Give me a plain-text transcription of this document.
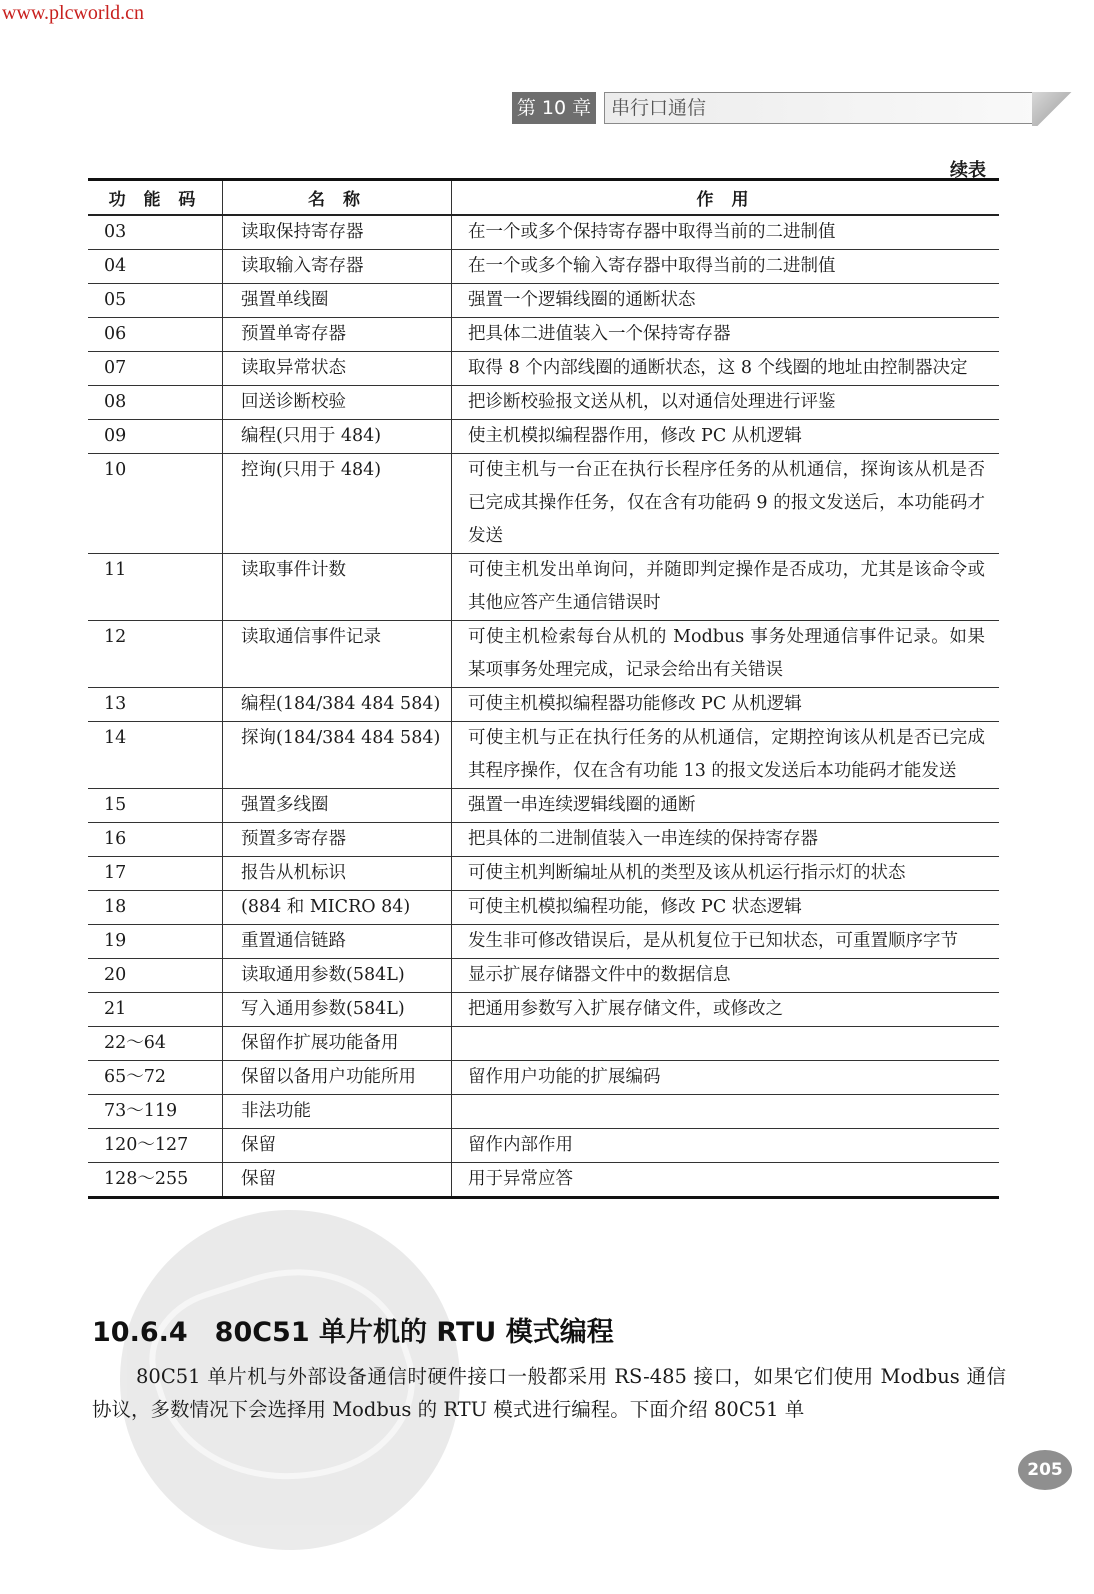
www.plcworld.cn
第 10 章	串行口通信
续表
功 能 码	名 称	作 用
03	读取保持寄存器	在一个或多个保持寄存器中取得当前的二进制值
04	读取输入寄存器	在一个或多个输入寄存器中取得当前的二进制值
05	强置单线圈	强置一个逻辑线圈的通断状态
06	预置单寄存器	把具体二进值装入一个保持寄存器
07	读取异常状态	取得 8 个内部线圈的通断状态，这 8 个线圈的地址由控制器决定
08	回送诊断校验	把诊断校验报文送从机，以对通信处理进行评鉴
09	编程(只用于 484)	使主机模拟编程器作用，修改 PC 从机逻辑
10	控询(只用于 484)	可使主机与一台正在执行长程序任务的从机通信，探询该从机是否已完成其操作任务，仅在含有功能码 9 的报文发送后，本功能码才发送
11	读取事件计数	可使主机发出单询问，并随即判定操作是否成功，尤其是该命令或其他应答产生通信错误时
12	读取通信事件记录	可使主机检索每台从机的 Modbus 事务处理通信事件记录。如果某项事务处理完成，记录会给出有关错误
13	编程(184/384 484 584)	可使主机模拟编程器功能修改 PC 从机逻辑
14	探询(184/384 484 584)	可使主机与正在执行任务的从机通信，定期控询该从机是否已完成其程序操作，仅在含有功能 13 的报文发送后本功能码才能发送
15	强置多线圈	强置一串连续逻辑线圈的通断
16	预置多寄存器	把具体的二进制值装入一串连续的保持寄存器
17	报告从机标识	可使主机判断编址从机的类型及该从机运行指示灯的状态
18	(884 和 MICRO 84)	可使主机模拟编程功能，修改 PC 状态逻辑
19	重置通信链路	发生非可修改错误后，是从机复位于已知状态，可重置顺序字节
20	读取通用参数(584L)	显示扩展存储器文件中的数据信息
21	写入通用参数(584L)	把通用参数写入扩展存储文件，或修改之
22～64	保留作扩展功能备用	
65～72	保留以备用户功能所用	留作用户功能的扩展编码
73～119	非法功能	
120～127	保留	留作内部作用
128～255	保留	用于异常应答
10.6.4　80C51 单片机的 RTU 模式编程
80C51 单片机与外部设备通信时硬件接口一般都采用 RS-485 接口，如果它们使用 Modbus 通信协议，多数情况下会选择用 Modbus 的 RTU 模式进行编程。下面介绍 80C51 单
205
